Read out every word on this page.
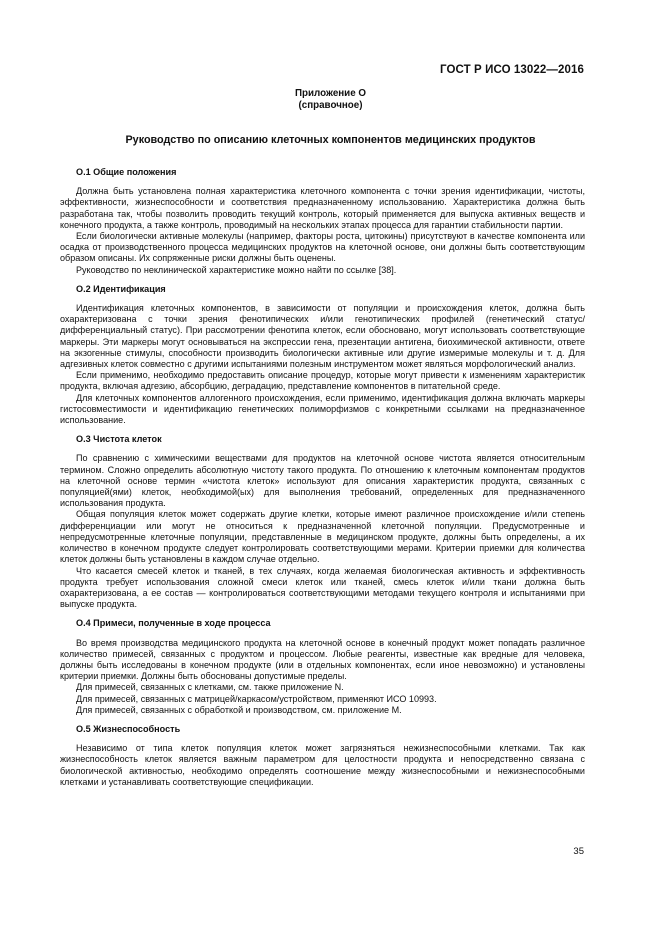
ГОСТ Р ИСО 13022—2016
Приложение О
(справочное)
Руководство по описанию клеточных компонентов медицинских продуктов
О.1 Общие положения

Должна быть установлена полная характеристика клеточного компонента с точки зрения идентификации, чистоты, эффективности, жизнеспособности и соответствия предназначенному использованию. Характеристика должна быть разработана так, чтобы позволить проводить текущий контроль, который применяется для выпуска активных веществ и конечного продукта, а также контроль, проводимый на нескольких этапах процесса для гарантии стабильности партии.

Если биологически активные молекулы (например, факторы роста, цитокины) присутствуют в качестве компонента или осадка от производственного процесса медицинских продуктов на клеточной основе, они должны быть соответствующим образом описаны. Их сопряженные риски должны быть оценены.

Руководство по неклинической характеристике можно найти по ссылке [38].

О.2 Идентификация

Идентификация клеточных компонентов, в зависимости от популяции и происхождения клеток, должна быть охарактеризована с точки зрения фенотипических и/или генотипических профилей (генетический статус/дифференциальный статус). При рассмотрении фенотипа клеток, если обосновано, могут использовать соответствующие маркеры. Эти маркеры могут основываться на экспрессии гена, презентации антигена, биохимической активности, ответе на экзогенные стимулы, способности производить биологически активные или другие измеримые молекулы и т. д. Для адгезивных клеток совместно с другими испытаниями полезным инструментом может являться морфологический анализ.

Если применимо, необходимо предоставить описание процедур, которые могут привести к изменениям характеристик продукта, включая адгезию, абсорбцию, деградацию, представление компонентов в питательной среде.

Для клеточных компонентов аллогенного происхождения, если применимо, идентификация должна включать маркеры гистосовместимости и идентификацию генетических полиморфизмов с конкретными ссылками на предназначенное использование.

О.3 Чистота клеток

По сравнению с химическими веществами для продуктов на клеточной основе чистота является относительным термином. Сложно определить абсолютную чистоту такого продукта. По отношению к клеточным компонентам продуктов на клеточной основе термин «чистота клеток» используют для описания характеристик продукта, связанных с популяцией(ями) клеток, необходимой(ых) для выполнения требований, определенных для предназначенного использования продукта.

Общая популяция клеток может содержать другие клетки, которые имеют различное происхождение и/или степень дифференциации или могут не относиться к предназначенной клеточной популяции. Предусмотренные и непредусмотренные клеточные популяции, представленные в медицинском продукте, должны быть определены, а их количество в конечном продукте следует контролировать соответствующими мерами. Критерии приемки для количества клеток должны быть установлены в каждом случае отдельно.

Что касается смесей клеток и тканей, в тех случаях, когда желаемая биологическая активность и эффективность продукта требует использования сложной смеси клеток или тканей, смесь клеток и/или ткани должна быть охарактеризована, а ее состав — контролироваться соответствующими методами текущего контроля и испытаниями при выпуске продукта.

О.4 Примеси, полученные в ходе процесса

Во время производства медицинского продукта на клеточной основе в конечный продукт может попадать различное количество примесей, связанных с продуктом и процессом. Любые реагенты, известные как вредные для человека, должны быть исследованы в конечном продукте (или в отдельных компонентах, если иное невозможно) и установлены критерии приемки. Должны быть обоснованы допустимые пределы.

Для примесей, связанных с клетками, см. также приложение N.

Для примесей, связанных с матрицей/каркасом/устройством, применяют ИСО 10993.

Для примесей, связанных с обработкой и производством, см. приложение М.

О.5 Жизнеспособность

Независимо от типа клеток популяция клеток может загрязняться нежизнеспособными клетками. Так как жизнеспособность клеток является важным параметром для целостности продукта и непосредственно связана с биологической активностью, необходимо определять соотношение между жизнеспособными и нежизнеспособными клетками и устанавливать соответствующие спецификации.

35
